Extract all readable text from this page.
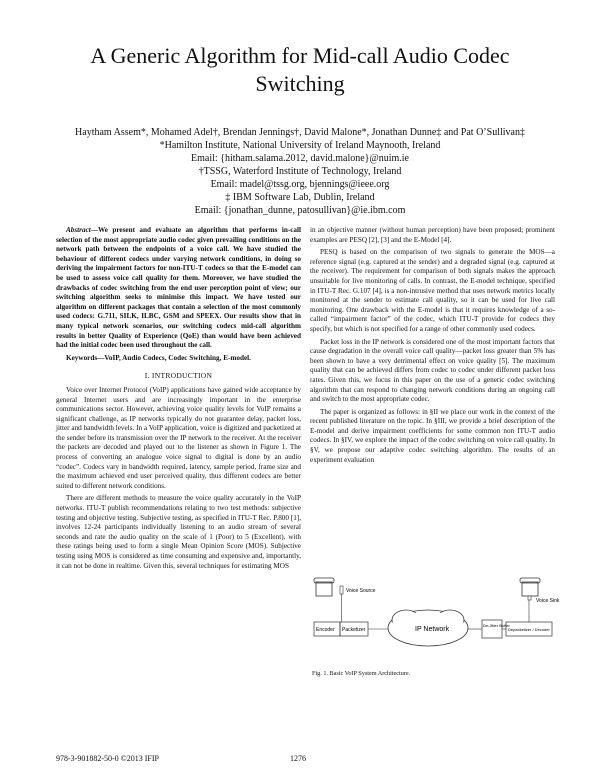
A Generic Algorithm for Mid-call Audio Codec
Switching
Haytham Assem*, Mohamed Adel†, Brendan Jennings†, David Malone*, Jonathan Dunne‡ and Pat O’Sullivan‡
*Hamilton Institute, National University of Ireland Maynooth, Ireland
Email: {hitham.salama.2012, david.malone}@nuim.ie
†TSSG, Waterford Institute of Technology, Ireland
Email: madel@tssg.org, bjennings@ieee.org
‡ IBM Software Lab, Dublin, Ireland
Email: {jonathan_dunne, patosullivan}@ie.ibm.com

Abstract—We present and evaluate an algorithm that performs in-call selection of the most appropriate audio codec given prevailing conditions on the network path between the endpoints of a voice call. We have studied the behaviour of different codecs under varying network conditions, in doing so deriving the impairment factors for non-ITU-T codecs so that the E-model can be used to assess voice call quality for them. Moreover, we have studied the drawbacks of codec switching from the end user perception point of view; our switching algorithm seeks to minimise this impact. We have tested our algorithm on different packages that contain a selection of the most commonly used codecs: G.711, SILK, ILBC, GSM and SPEEX. Our results show that in many typical network scenarios, our switching codecs mid-call algorithm results in better Quality of Experience (QoE) than would have been achieved had the initial codec been used throughout the call.

Keywords—VoIP, Audio Codecs, Codec Switching, E-model.

I. INTRODUCTION

Voice over Internet Protocol (VoIP) applications have gained wide acceptance by general Internet users and are increasingly important in the enterprise communications sector. However, achieving voice quality levels for VoIP remains a significant challenge, as IP networks typically do not guarantee delay, packet loss, jitter and bandwidth levels. In a VoIP application, voice is digitized and packetized at the sender before its transmission over the IP network to the receiver. At the receiver the packets are decoded and played out to the listener as shown in Figure 1. The process of converting an analogue voice signal to digital is done by an audio “codec”. Codecs vary in bandwidth required, latency, sample period, frame size and the maximum achieved end user perceived quality, thus different codecs are better suited to different network conditions.

There are different methods to measure the voice quality accurately in the VoIP networks. ITU-T publish recommendations relating to two test methods: subjective testing and objective testing. Subjective testing, as specified in ITU-T Rec. P.800 [1], involves 12-24 participants individually listening to an audio stream of several seconds and rate the audio quality on the scale of 1 (Poor) to 5 (Excellent), with these ratings being used to form a single Mean Opinion Score (MOS). Subjective testing using MOS is considered as time consuming and expensive and, importantly, it can not be done in realtime. Given this, several techniques for estimating MOS

in an objective manner (without human perception) have been proposed; prominent examples are PESQ [2], [3] and the E-Model [4].

PESQ is based on the comparison of two signals to generate the MOS—a reference signal (e.g. captured at the sender) and a degraded signal (e.g. captured at the receiver). The requirement for comparison of both signals makes the approach unsuitable for live monitoring of calls. In contrast, the E-model technique, specified in ITU-T Rec. G.107 [4], is a non-intrusive method that uses network metrics locally monitored at the sender to estimate call quality, so it can be used for live call monitoring. One drawback with the E-model is that it requires knowledge of a so-called “impairment factor” of the codec, which ITU-T provide for codecs they specify, but which is not specified for a range of other commonly used codecs.

Packet loss in the IP network is considered one of the most important factors that cause degradation in the overall voice call quality—packet loss greater than 5% has been shown to have a very detrimental effect on voice quality [5]. The maximum quality that can be achieved differs from codec to codec under different packet loss rates. Given this, we focus in this paper on the use of a generic codec switching algorithm that can respond to changing network conditions during an ongoing call and switch to the most appropriate codec.

The paper is organized as follows: in §II we place our work in the context of the recent published literature on the topic. In §III, we provide a brief description of the E-model and derive impairment coefficients for some common non ITU-T audio codecs. In §IV, we explore the impact of the codec switching on voice call quality. In §V, we propose our adaptive codec switching algorithm. The results of an experiment evaluation

Voice Source
Encoder Packetizer	IP Network
De-Jitter Buffer
Depacketizer / Decoder
Voice Sink
Fig. 1. Basic VoIP System Architecture.
978-3-901882-50-0 ©2013 IFIP	1276
